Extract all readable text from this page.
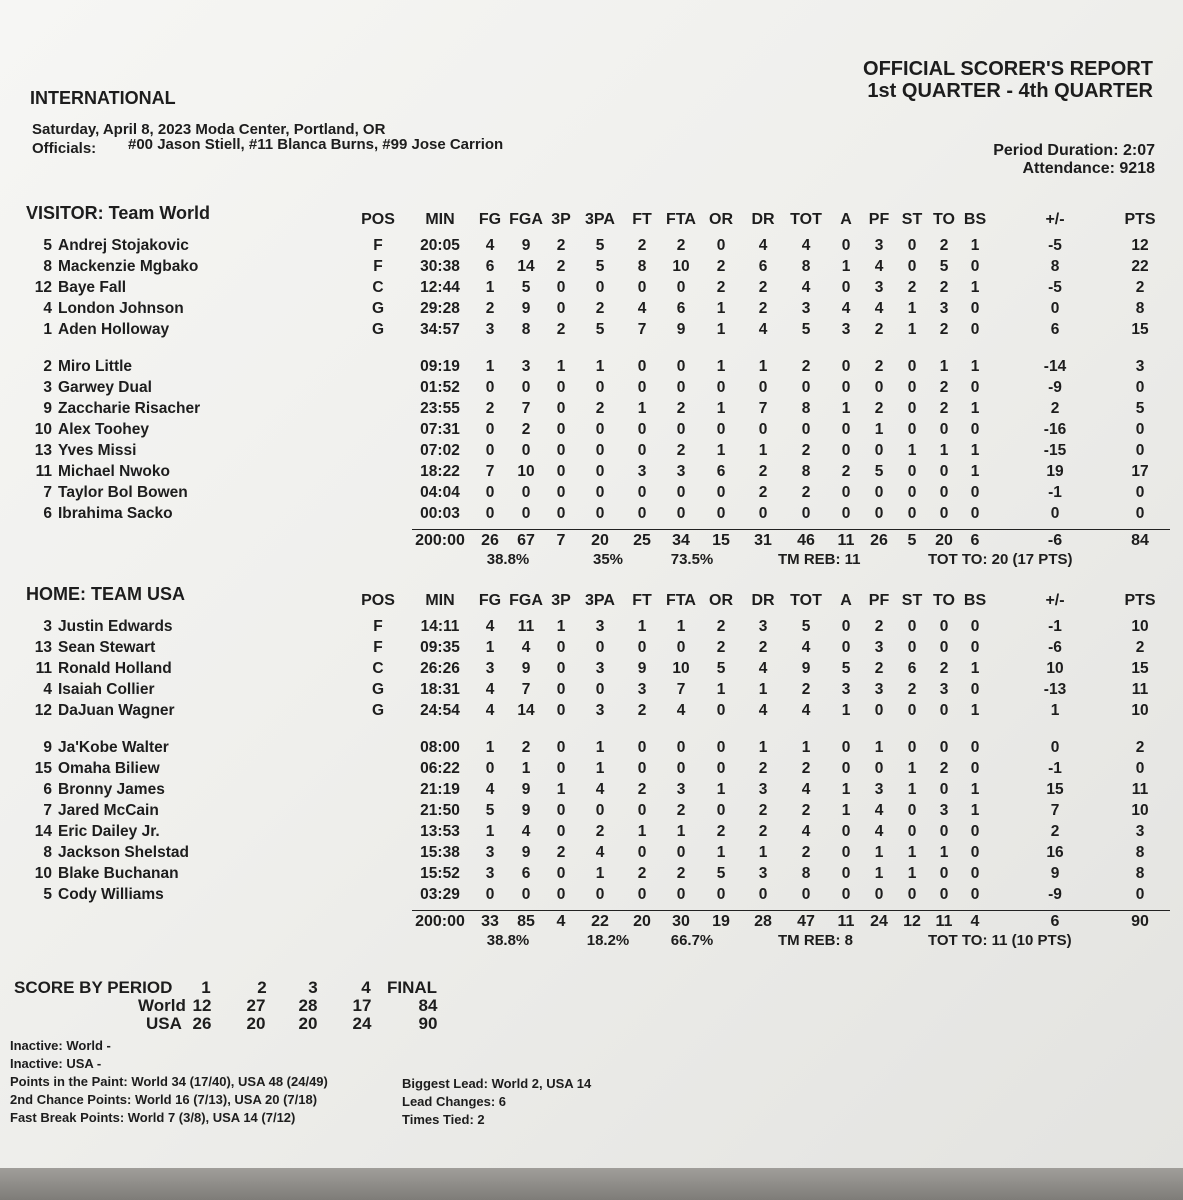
INTERNATIONAL
OFFICIAL SCORER'S REPORT
1st QUARTER - 4th QUARTER
Saturday, April 8, 2023 Moda Center, Portland, OR
Officials: #00 Jason Stiell, #11 Blanca Burns, #99 Jose Carrion	Period Duration: 2:07
Attendance: 9218
VISITOR: Team World	POS MIN FG FGA 3P 3PA FT FTA OR DR TOT A PF ST TO BS	+/-	PTS
5 Andrej Stojakovic	F 20:05 4 9 2 5 2 2 0 4 4 0 3 0 2 1	-5	12
8 Mackenzie Mgbako	F 30:38 6 14 2 5 8 10 2 6 8 1 4 0 5 0	8	22
12 Baye Fall	C 12:44 1 5 0 0 0 0 2 2 4 0 3 2 2 1	-5	2
4 London Johnson	G 29:28 2 9 0 2 4 6 1 2 3 4 4 1 3 0	0	8
1 Aden Holloway	G 34:57 3 8 2 5 7 9 1 4 5 3 2 1 2 0	6	15
2 Miro Little	09:19 1 3 1 1 0 0 1 1 2 0 2 0 1 1	-14	3
3 Garwey Dual	01:52 0 0 0 0 0 0 0 0 0 0 0 0 2 0	-9	0
9 Zaccharie Risacher	23:55 2 7 0 2 1 2 1 7 8 1 2 0 2 1	2	5
10 Alex Toohey	07:31 0 2 0 0 0 0 0 0 0 0 1 0 0 0	-16	0
13 Yves Missi	07:02 0 0 0 0 0 2 1 1 2 0 0 1 1 1	-15	0
11 Michael Nwoko	18:22 7 10 0 0 3 3 6 2 8 2 5 0 0 1	19	17
7 Taylor Bol Bowen	04:04 0 0 0 0 0 0 0 2 2 0 0 0 0 0	-1	0
6 Ibrahima Sacko	00:03 0 0 0 0 0 0 0 0 0 0 0 0 0 0	0	0
200:00 26 67 7 20 25 34 15 31 46 11 26 5 20 6	-6	84
38.8%	35%	73.5%	TM REB: 11	TOT TO: 20 (17 PTS)
HOME: TEAM USA	POS MIN FG FGA 3P 3PA FT FTA OR DR TOT A PF ST TO BS	+/-	PTS
3 Justin Edwards	F 14:11 4 11 1 3 1 1 2 3 5 0 2 0 0 0	-1	10
13 Sean Stewart	F 09:35 1 4 0 0 0 0 2 2 4 0 3 0 0 0	-6	2
11 Ronald Holland	C 26:26 3 9 0 3 9 10 5 4 9 5 2 6 2 1	10	15
4 Isaiah Collier	G 18:31 4 7 0 0 3 7 1 1 2 3 3 2 3 0	-13	11
12 DaJuan Wagner	G 24:54 4 14 0 3 2 4 0 4 4 1 0 0 0 1	1	10
9 Ja'Kobe Walter	08:00 1 2 0 1 0 0 0 1 1 0 1 0 0 0	0	2
15 Omaha Biliew	06:22 0 1 0 1 0 0 0 2 2 0 0 1 2 0	-1	0
6 Bronny James	21:19 4 9 1 4 2 3 1 3 4 1 3 1 0 1	15	11
7 Jared McCain	21:50 5 9 0 0 0 2 0 2 2 1 4 0 3 1	7	10
14 Eric Dailey Jr.	13:53 1 4 0 2 1 1 2 2 4 0 4 0 0 0	2	3
8 Jackson Shelstad	15:38 3 9 2 4 0 0 1 1 2 0 1 1 1 0	16	8
10 Blake Buchanan	15:52 3 6 0 1 2 2 5 3 8 0 1 1 0 0	9	8
5 Cody Williams	03:29 0 0 0 0 0 0 0 0 0 0 0 0 0 0	-9	0
200:00 33 85 4 22 20 30 19 28 47 11 24 12 11 4	6	90
38.8%	18.2%	66.7%	TM REB: 8	TOT TO: 11 (10 PTS)
SCORE BY PERIOD 1	2 3	4 FINAL
World 12 27 28 17	84
USA 26 20 20 24	90
Inactive: World -
Inactive: USA -
Points in the Paint: World 34 (17/40), USA 48 (24/49)
2nd Chance Points: World 16 (7/13), USA 20 (7/18)
Fast Break Points: World 7 (3/8), USA 14 (7/12)
Biggest Lead: World 2, USA 14
Lead Changes: 6
Times Tied: 2
